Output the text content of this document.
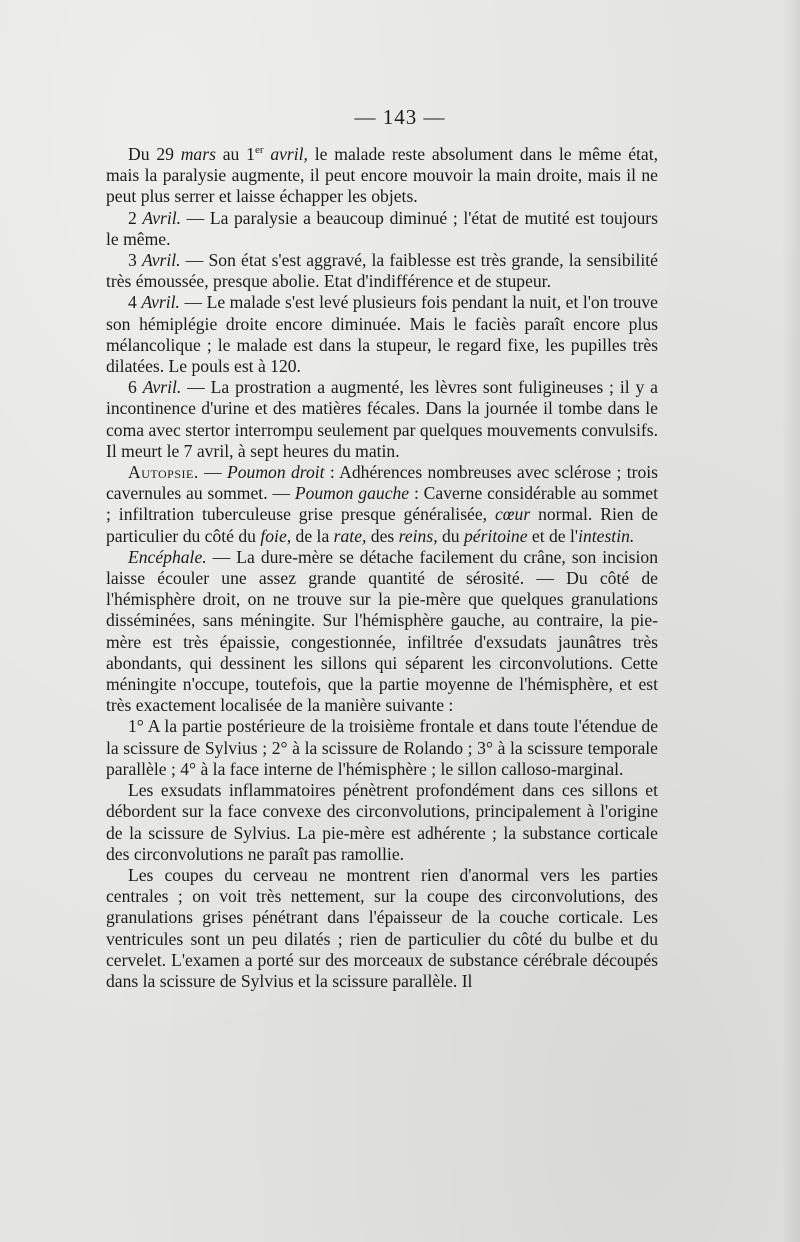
— 143 —

Du 29 mars au 1er avril, le malade reste absolument dans le même état, mais la paralysie augmente, il peut encore mouvoir la main droite, mais il ne peut plus serrer et laisse échapper les objets.

2 Avril. — La paralysie a beaucoup diminué ; l'état de mutité est toujours le même.

3 Avril. — Son état s'est aggravé, la faiblesse est très grande, la sensibilité très émoussée, presque abolie. Etat d'indifférence et de stupeur.

4 Avril. — Le malade s'est levé plusieurs fois pendant la nuit, et l'on trouve son hémiplégie droite encore diminuée. Mais le faciès paraît encore plus mélancolique ; le malade est dans la stupeur, le regard fixe, les pupilles très dilatées. Le pouls est à 120.

6 Avril. — La prostration a augmenté, les lèvres sont fuligineuses ; il y a incontinence d'urine et des matières fécales. Dans la journée il tombe dans le coma avec stertor interrompu seulement par quelques mouvements convulsifs. Il meurt le 7 avril, à sept heures du matin.

Autopsie. — Poumon droit : Adhérences nombreuses avec sclérose ; trois cavernules au sommet. — Poumon gauche : Caverne considérable au sommet ; infiltration tuberculeuse grise presque généralisée, cœur normal. Rien de particulier du côté du foie, de la rate, des reins, du péritoine et de l'intestin.

Encéphale. — La dure-mère se détache facilement du crâne, son incision laisse écouler une assez grande quantité de sérosité. — Du côté de l'hémisphère droit, on ne trouve sur la pie-mère que quelques granulations disséminées, sans méningite. Sur l'hémisphère gauche, au contraire, la pie-mère est très épaissie, congestionnée, infiltrée d'exsudats jaunâtres très abondants, qui dessinent les sillons qui séparent les circonvolutions. Cette méningite n'occupe, toutefois, que la partie moyenne de l'hémisphère, et est très exactement localisée de la manière suivante :

1° A la partie postérieure de la troisième frontale et dans toute l'étendue de la scissure de Sylvius ; 2° à la scissure de Rolando ; 3° à la scissure temporale parallèle ; 4° à la face interne de l'hémisphère ; le sillon calloso-marginal.

Les exsudats inflammatoires pénètrent profondément dans ces sillons et débordent sur la face convexe des circonvolutions, principalement à l'origine de la scissure de Sylvius. La pie-mère est adhérente ; la substance corticale des circonvolutions ne paraît pas ramollie.

Les coupes du cerveau ne montrent rien d'anormal vers les parties centrales ; on voit très nettement, sur la coupe des circonvolutions, des granulations grises pénétrant dans l'épaisseur de la couche corticale. Les ventricules sont un peu dilatés ; rien de particulier du côté du bulbe et du cervelet. L'examen a porté sur des morceaux de substance cérébrale découpés dans la scissure de Sylvius et la scissure parallèle. Il
